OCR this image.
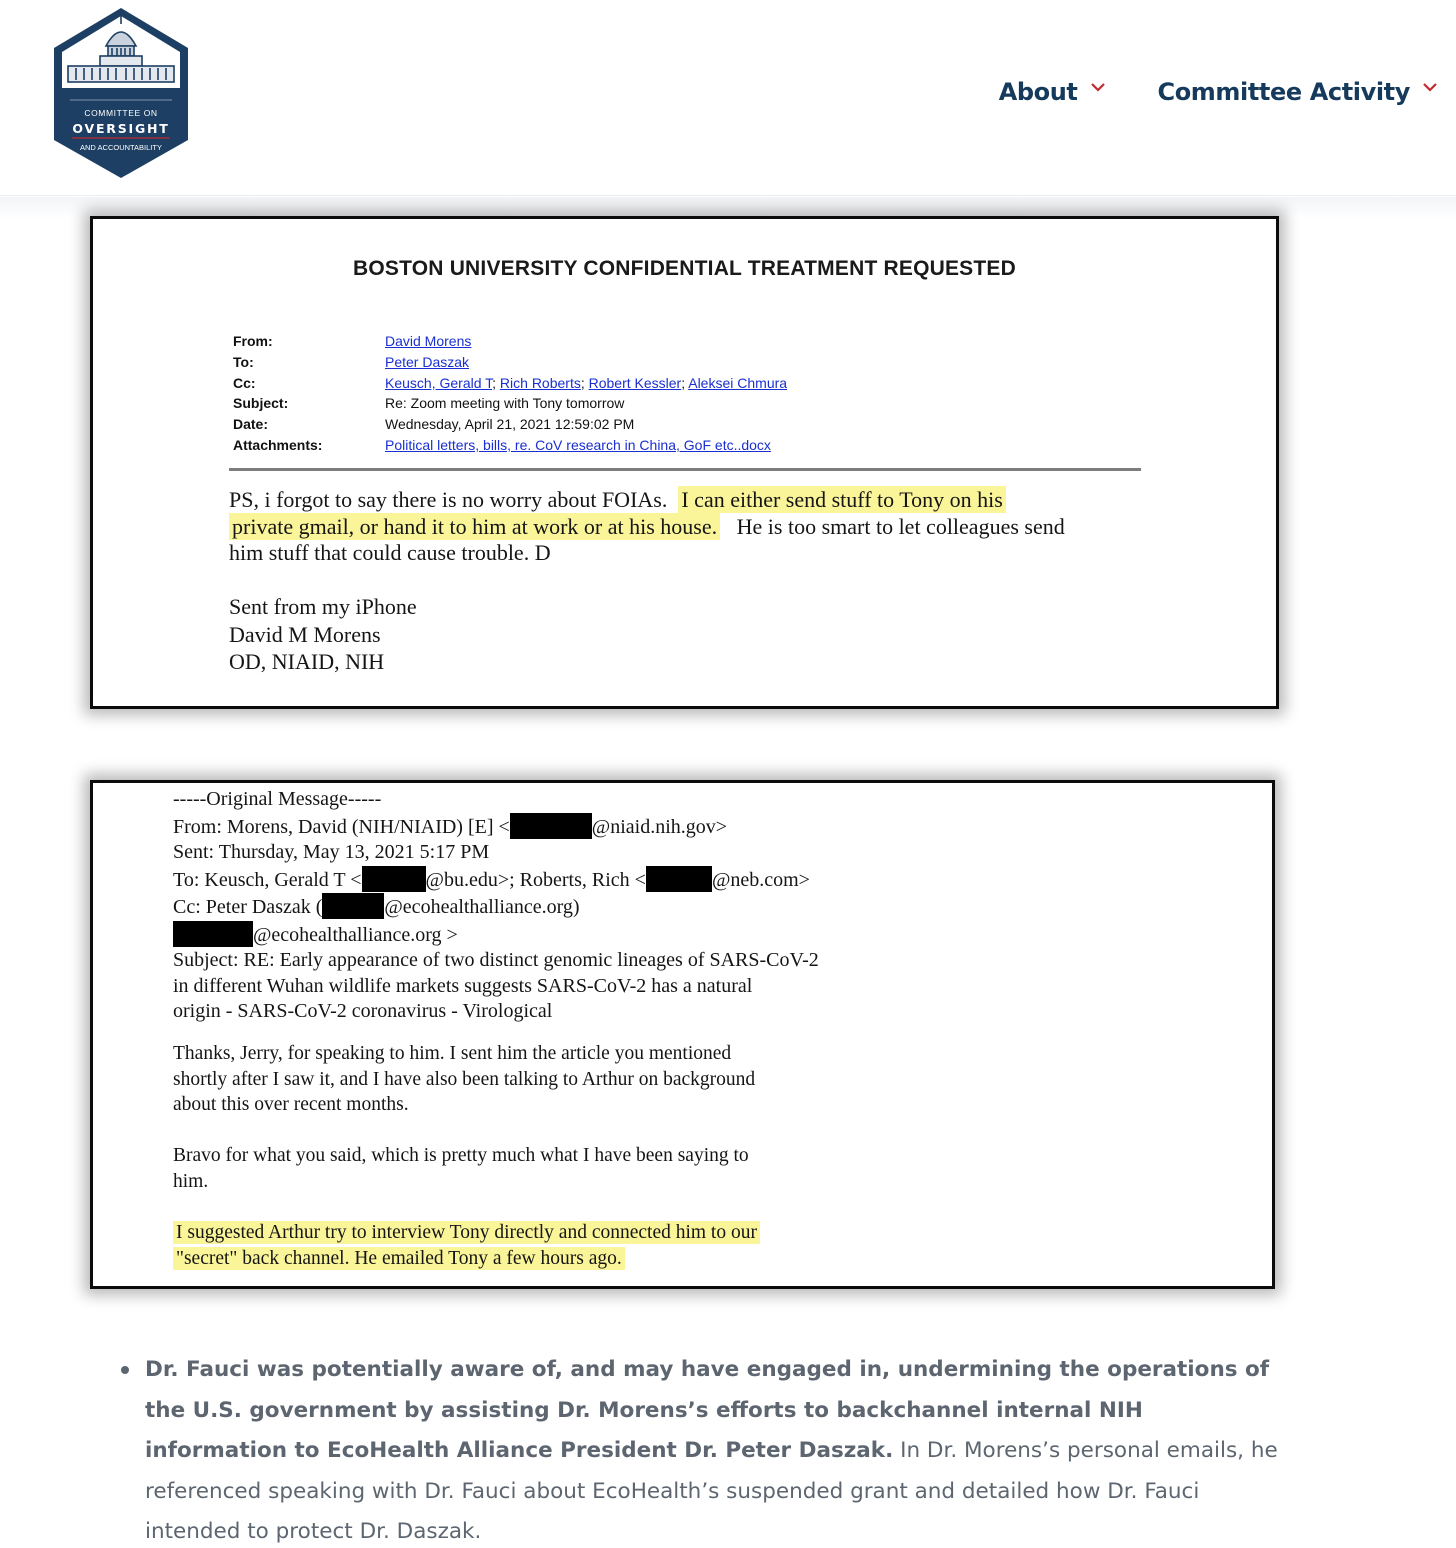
COMMITTEE ON
OVERSIGHT
AND ACCOUNTABILITY
About	Committee Activity
BOSTON UNIVERSITY CONFIDENTIAL TREATMENT REQUESTED
From:	David Morens
To:	Peter Daszak
Cc:	Keusch, Gerald T; Rich Roberts; Robert Kessler; Aleksei Chmura
Subject:	Re: Zoom meeting with Tony tomorrow
Date:	Wednesday, April 21, 2021 12:59:02 PM
Attachments:	Political letters, bills, re. CoV research in China, GoF etc..docx
PS, i forgot to say there is no worry about FOIAs. I can either send stuff to Tony on his
private gmail, or hand it to him at work or at his house. He is too smart to let colleagues send
him stuff that could cause trouble. D
Sent from my iPhone
David M Morens
OD, NIAID, NIH
-----Original Message-----
From: Morens, David (NIH/NIAID) [E] <	@niaid.nih.gov>
Sent: Thursday, May 13, 2021 5:17 PM
To: Keusch, Gerald T <	@bu.edu>; Roberts, Rich <	@neb.com>
Cc: Peter Daszak (	@ecohealthalliance.org)
@ecohealthalliance.org >
Subject: RE: Early appearance of two distinct genomic lineages of SARS-CoV-2
in different Wuhan wildlife markets suggests SARS-CoV-2 has a natural
origin - SARS-CoV-2 coronavirus - Virological
Thanks, Jerry, for speaking to him. I sent him the article you mentioned
shortly after I saw it, and I have also been talking to Arthur on background
about this over recent months.
Bravo for what you said, which is pretty much what I have been saying to
him.
I suggested Arthur try to interview Tony directly and connected him to our
"secret" back channel. He emailed Tony a few hours ago.
Dr. Fauci was potentially aware of, and may have engaged in, undermining the operations of the U.S. government by assisting Dr. Morens’s efforts to backchannel internal NIH information to EcoHealth Alliance President Dr. Peter Daszak. In Dr. Morens’s personal emails, he referenced speaking with Dr. Fauci about EcoHealth’s suspended grant and detailed how Dr. Fauci intended to protect Dr. Daszak.
